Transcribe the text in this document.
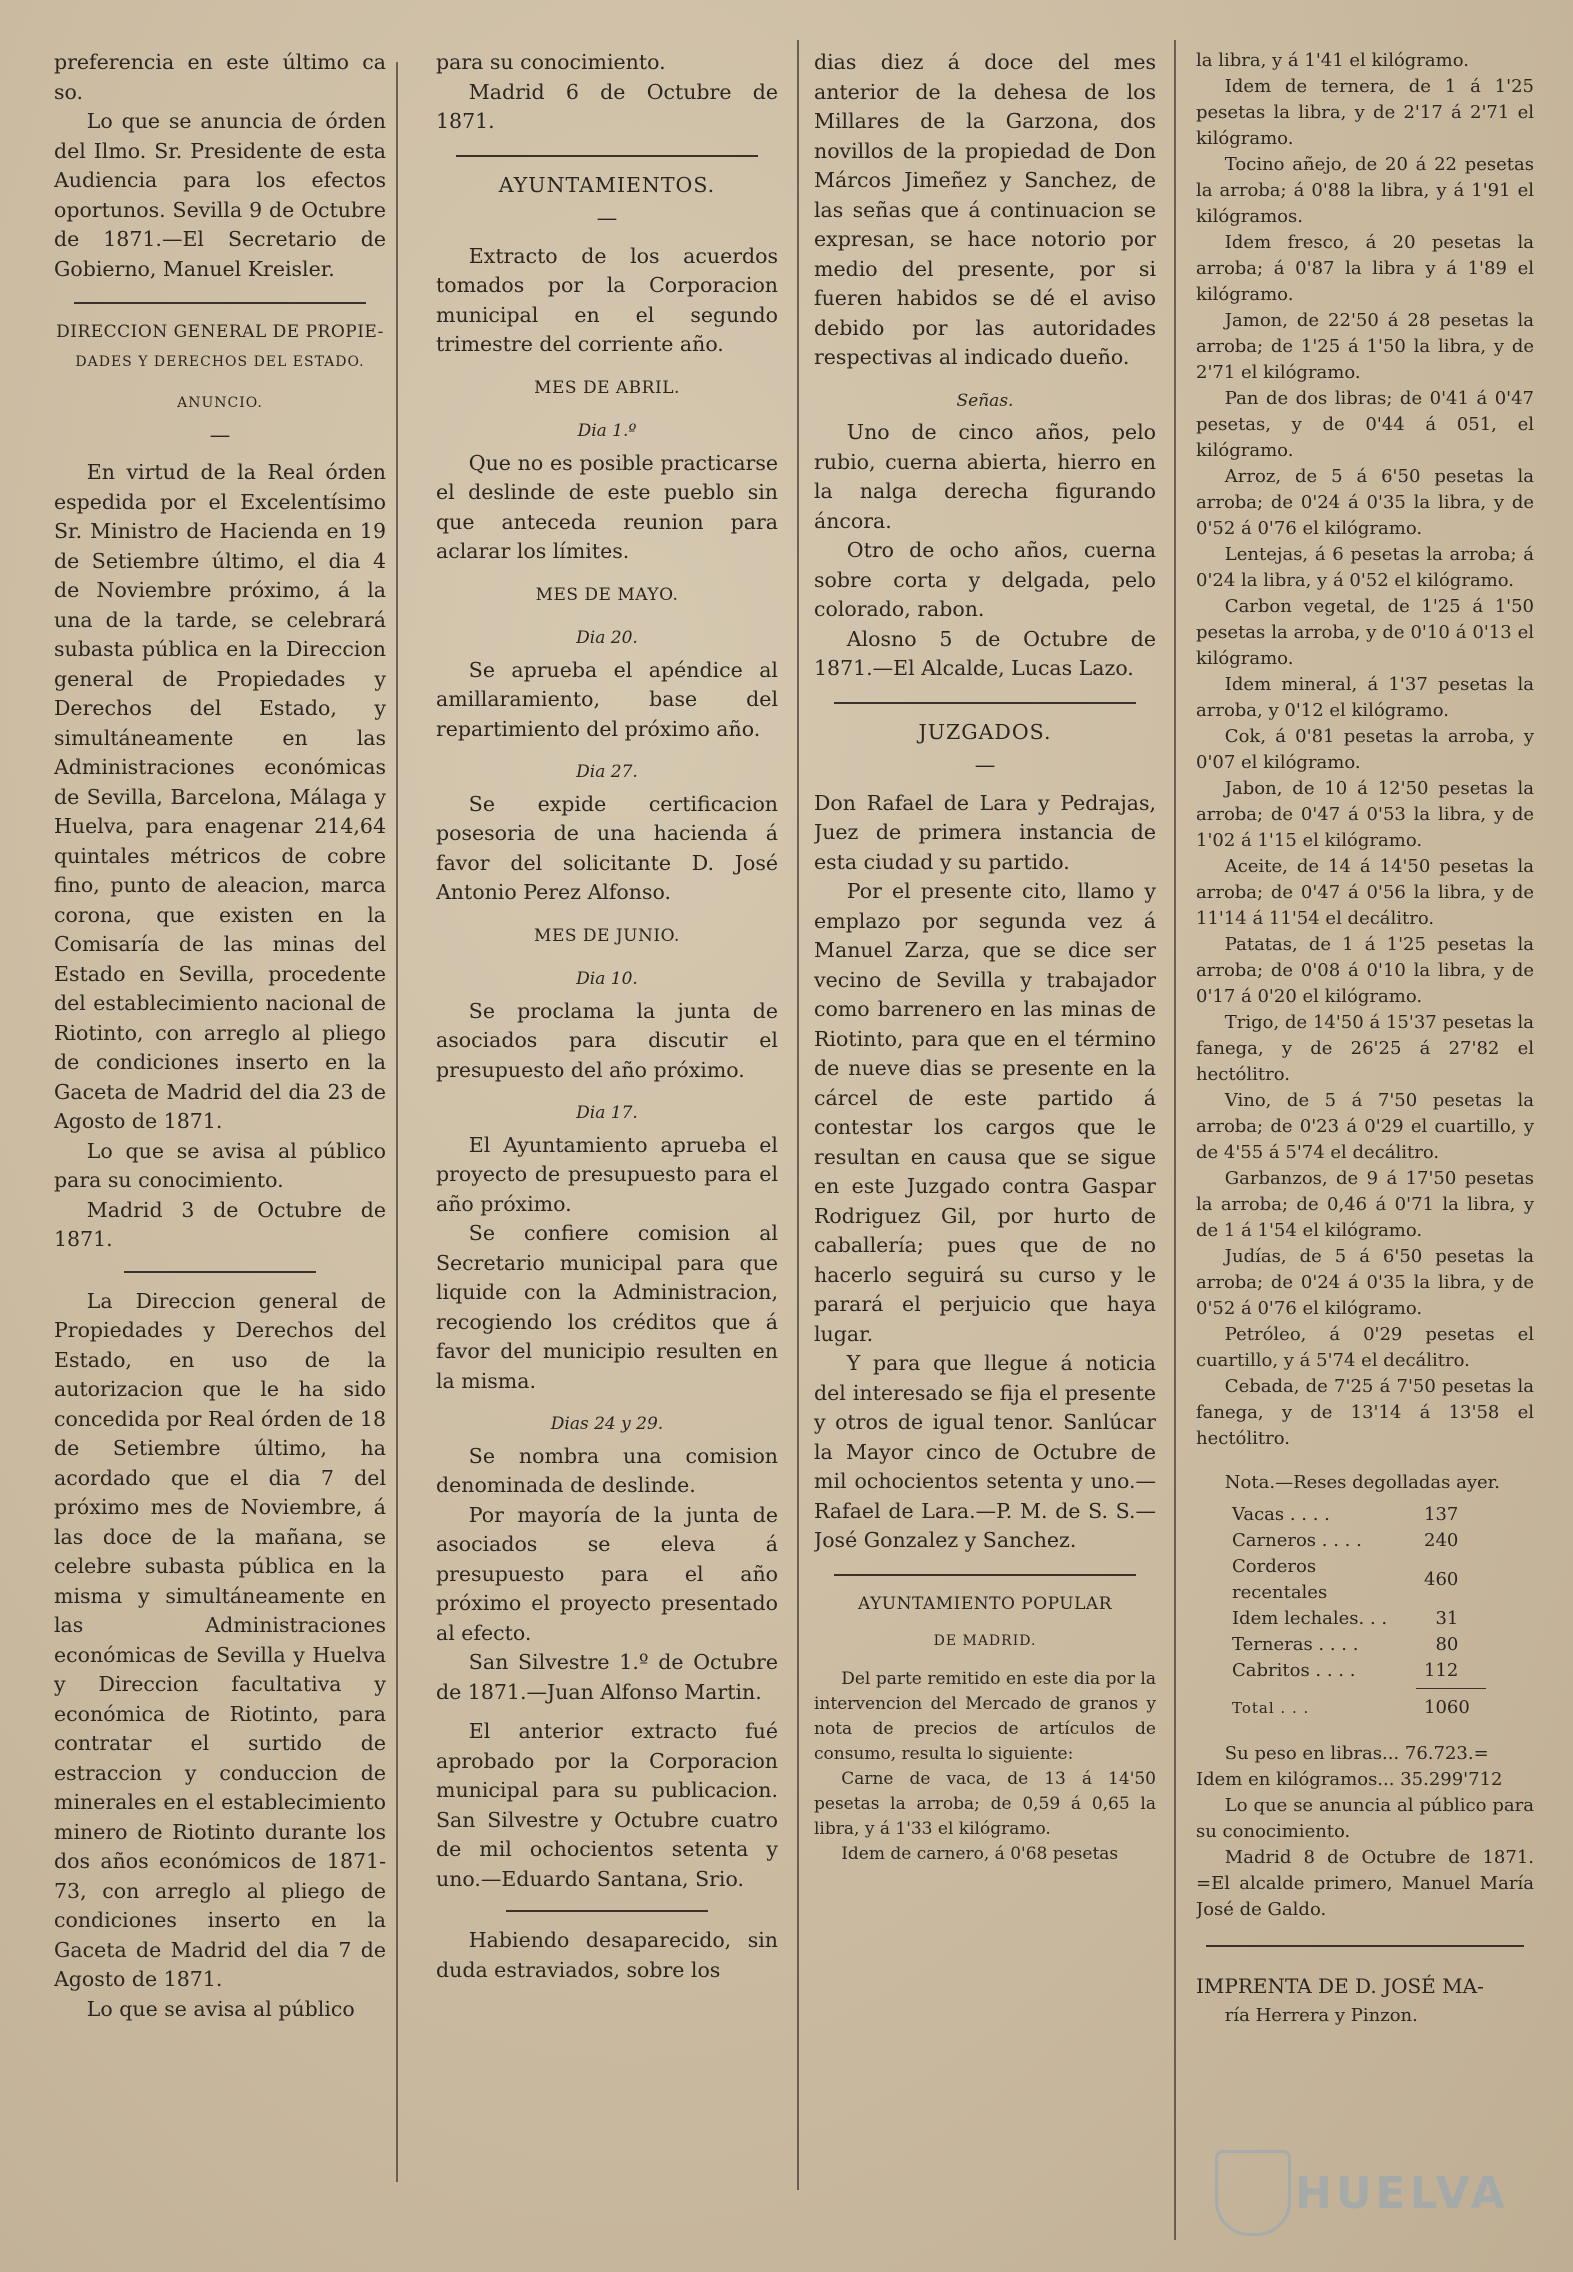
preferencia en este último ca so.

Lo que se anuncia de órden del Ilmo. Sr. Presidente de esta Audiencia para los efectos oportunos. Sevilla 9 de Octubre de 1871.—El Secretario de Gobierno, Manuel Kreisler.

DIRECCION GENERAL DE PROPIE-

DADES Y DERECHOS DEL ESTADO.

ANUNCIO.

—

En virtud de la Real órden espedida por el Excelentísimo Sr. Ministro de Hacienda en 19 de Setiembre último, el dia 4 de Noviembre próximo, á la una de la tarde, se celebrará subasta pública en la Direccion general de Propiedades y Derechos del Estado, y simultáneamente en las Administraciones económicas de Sevilla, Barcelona, Málaga y Huelva, para enagenar 214,64 quintales métricos de cobre fino, punto de aleacion, marca corona, que existen en la Comisaría de las minas del Estado en Sevilla, procedente del establecimiento nacional de Riotinto, con arreglo al pliego de condiciones inserto en la Gaceta de Madrid del dia 23 de Agosto de 1871.

Lo que se avisa al público para su conocimiento.

Madrid 3 de Octubre de 1871.

La Direccion general de Propiedades y Derechos del Estado, en uso de la autorizacion que le ha sido concedida por Real órden de 18 de Setiembre último, ha acordado que el dia 7 del próximo mes de Noviembre, á las doce de la mañana, se celebre subasta pública en la misma y simultáneamente en las Administraciones económicas de Sevilla y Huelva y Direccion facultativa y económica de Riotinto, para contratar el surtido de estraccion y conduccion de minerales en el establecimiento minero de Riotinto durante los dos años económicos de 1871-73, con arreglo al pliego de condiciones inserto en la Gaceta de Madrid del dia 7 de Agosto de 1871.

Lo que se avisa al público

para su conocimiento.

Madrid 6 de Octubre de 1871.

AYUNTAMIENTOS.

—

Extracto de los acuerdos tomados por la Corporacion municipal en el segundo trimestre del corriente año.

MES DE ABRIL.

Dia 1.º

Que no es posible practicarse el deslinde de este pueblo sin que anteceda reunion para aclarar los límites.

MES DE MAYO.

Dia 20.

Se aprueba el apéndice al amillaramiento, base del repartimiento del próximo año.

Dia 27.

Se expide certificacion posesoria de una hacienda á favor del solicitante D. José Antonio Perez Alfonso.

MES DE JUNIO.

Dia 10.

Se proclama la junta de asociados para discutir el presupuesto del año próximo.

Dia 17.

El Ayuntamiento aprueba el proyecto de presupuesto para el año próximo.

Se confiere comision al Secretario municipal para que liquide con la Administracion, recogiendo los créditos que á favor del municipio resulten en la misma.

Dias 24 y 29.

Se nombra una comision denominada de deslinde.

Por mayoría de la junta de asociados se eleva á presupuesto para el año próximo el proyecto presentado al efecto.

San Silvestre 1.º de Octubre de 1871.—Juan Alfonso Martin.

El anterior extracto fué aprobado por la Corporacion municipal para su publicacion. San Silvestre y Octubre cuatro de mil ochocientos setenta y uno.—Eduardo Santana, Srio.

Habiendo desaparecido, sin duda estraviados, sobre los

dias diez á doce del mes anterior de la dehesa de los Millares de la Garzona, dos novillos de la propiedad de Don Márcos Jimeñez y Sanchez, de las señas que á continuacion se expresan, se hace notorio por medio del presente, por si fueren habidos se dé el aviso debido por las autoridades respectivas al indicado dueño.

Señas.

Uno de cinco años, pelo rubio, cuerna abierta, hierro en la nalga derecha figurando áncora.

Otro de ocho años, cuerna sobre corta y delgada, pelo colorado, rabon.

Alosno 5 de Octubre de 1871.—El Alcalde, Lucas Lazo.

JUZGADOS.

—

Don Rafael de Lara y Pedrajas, Juez de primera instancia de esta ciudad y su partido.

Por el presente cito, llamo y emplazo por segunda vez á Manuel Zarza, que se dice ser vecino de Sevilla y trabajador como barrenero en las minas de Riotinto, para que en el término de nueve dias se presente en la cárcel de este partido á contestar los cargos que le resultan en causa que se sigue en este Juzgado contra Gaspar Rodriguez Gil, por hurto de caballería; pues que de no hacerlo seguirá su curso y le parará el perjuicio que haya lugar.

Y para que llegue á noticia del interesado se fija el presente y otros de igual tenor. Sanlúcar la Mayor cinco de Octubre de mil ochocientos setenta y uno.—Rafael de Lara.—P. M. de S. S.—José Gonzalez y Sanchez.

AYUNTAMIENTO POPULAR

DE MADRID.

Del parte remitido en este dia por la intervencion del Mercado de granos y nota de precios de artículos de consumo, resulta lo siguiente:

Carne de vaca, de 13 á 14'50 pesetas la arroba; de 0,59 á 0,65 la libra, y á 1'33 el kilógramo.

Idem de carnero, á 0'68 pesetas

la libra, y á 1'41 el kilógramo.

Idem de ternera, de 1 á 1'25 pesetas la libra, y de 2'17 á 2'71 el kilógramo.

Tocino añejo, de 20 á 22 pesetas la arroba; á 0'88 la libra, y á 1'91 el kilógramos.

Idem fresco, á 20 pesetas la arroba; á 0'87 la libra y á 1'89 el kilógramo.

Jamon, de 22'50 á 28 pesetas la arroba; de 1'25 á 1'50 la libra, y de 2'71 el kilógramo.

Pan de dos libras; de 0'41 á 0'47 pesetas, y de 0'44 á 051, el kilógramo.

Arroz, de 5 á 6'50 pesetas la arroba; de 0'24 á 0'35 la libra, y de 0'52 á 0'76 el kilógramo.

Lentejas, á 6 pesetas la arroba; á 0'24 la libra, y á 0'52 el kilógramo.

Carbon vegetal, de 1'25 á 1'50 pesetas la arroba, y de 0'10 á 0'13 el kilógramo.

Idem mineral, á 1'37 pesetas la arroba, y 0'12 el kilógramo.

Cok, á 0'81 pesetas la arroba, y 0'07 el kilógramo.

Jabon, de 10 á 12'50 pesetas la arroba; de 0'47 á 0'53 la libra, y de 1'02 á 1'15 el kilógramo.

Aceite, de 14 á 14'50 pesetas la arroba; de 0'47 á 0'56 la libra, y de 11'14 á 11'54 el decálitro.

Patatas, de 1 á 1'25 pesetas la arroba; de 0'08 á 0'10 la libra, y de 0'17 á 0'20 el kilógramo.

Trigo, de 14'50 á 15'37 pesetas la fanega, y de 26'25 á 27'82 el hectólitro.

Vino, de 5 á 7'50 pesetas la arroba; de 0'23 á 0'29 el cuartillo, y de 4'55 á 5'74 el decálitro.

Garbanzos, de 9 á 17'50 pesetas la arroba; de 0,46 á 0'71 la libra, y de 1 á 1'54 el kilógramo.

Judías, de 5 á 6'50 pesetas la arroba; de 0'24 á 0'35 la libra, y de 0'52 á 0'76 el kilógramo.

Petróleo, á 0'29 pesetas el cuartillo, y á 5'74 el decálitro.

Cebada, de 7'25 á 7'50 pesetas la fanega, y de 13'14 á 13'58 el hectólitro.

Nota.—Reses degolladas ayer.

Vacas . . . .	137
Carneros . . . .	240
Corderos recentales	460
Idem lechales. . .	31
Terneras . . . .	80
Cabritos . . . .	112
Total . . .	1060

Su peso en libras... 76.723.=

Idem en kilógramos... 35.299'712

Lo que se anuncia al público para su conocimiento.

Madrid 8 de Octubre de 1871. =El alcalde primero, Manuel María José de Galdo.

IMPRENTA DE D. JOSÉ MA-

ría Herrera y Pinzon.

HUELVA
